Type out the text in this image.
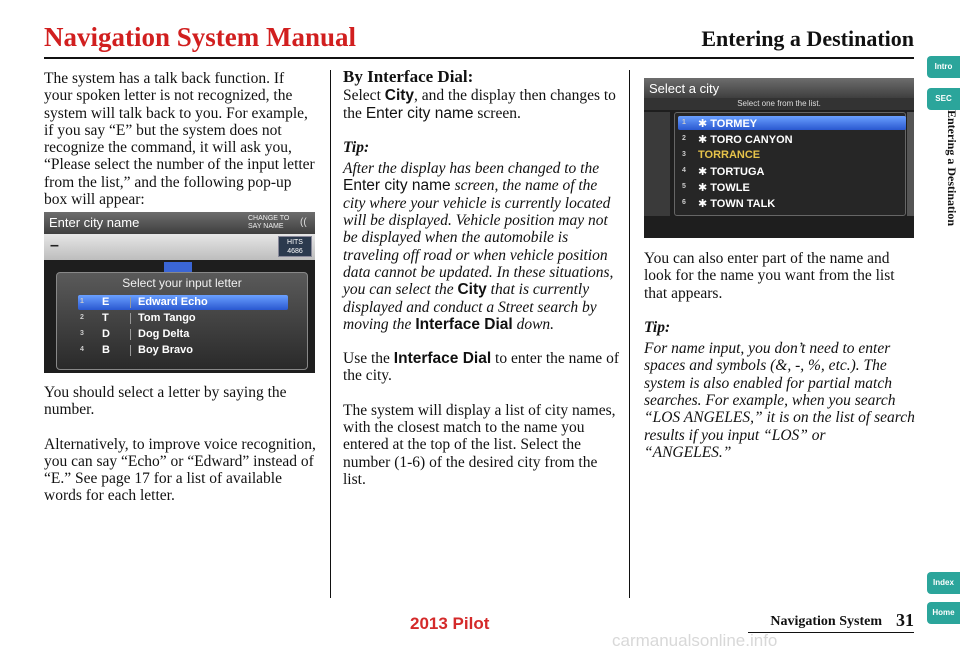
Navigation System Manual	Entering a Destination

The system has a talk back function. If your spoken letter is not recognized, the system will talk back to you. For example, if you say “E” but the system does not recognize the command, it will ask you, “Please select the number of the input letter from the list,” and the following pop-up box will appear:

Enter city name	CHANGE TO
SAY NAME	((
–	HITS
4686
Select your input letter
1 E	Edward Echo
2 T	Tom Tango
3 D	Dog Delta
4 B	Boy Bravo

You should select a letter by saying the number.

Alternatively, to improve voice recognition, you can say “Echo” or “Edward” instead of “E.” See page 17 for a list of available words for each letter.

By Interface Dial:

Select City, and the display then changes to the Enter city name screen.

Tip:

After the display has been changed to the Enter city name screen, the name of the city where your vehicle is currently located will be displayed. Vehicle position may not be displayed when the automobile is traveling off road or when vehicle position data cannot be updated. In these situations, you can select the City that is currently displayed and conduct a Street search by moving the Interface Dial down.

Use the Interface Dial to enter the name of the city.

The system will display a list of city names, with the closest match to the name you entered at the top of the list. Select the number (1-6) of the desired city from the list.

Select a city
Select one from the list.
1 ✱ TORMEY
2 ✱ TORO CANYON
3 TORRANCE
4 ✱ TORTUGA
5 ✱ TOWLE
6 ✱ TOWN TALK

You can also enter part of the name and look for the name you want from the list that appears.

Tip:

For name input, you don’t need to enter spaces and symbols (&, -, %, etc.). The system is also enabled for partial match searches. For example, when you search “LOS ANGELES,” it is on the list of search results if you input “LOS” or “ANGELES.”

Intro
SEC
Entering a Destination
Index
Home
Navigation System 31
2013 Pilot
carmanualsonline.info
